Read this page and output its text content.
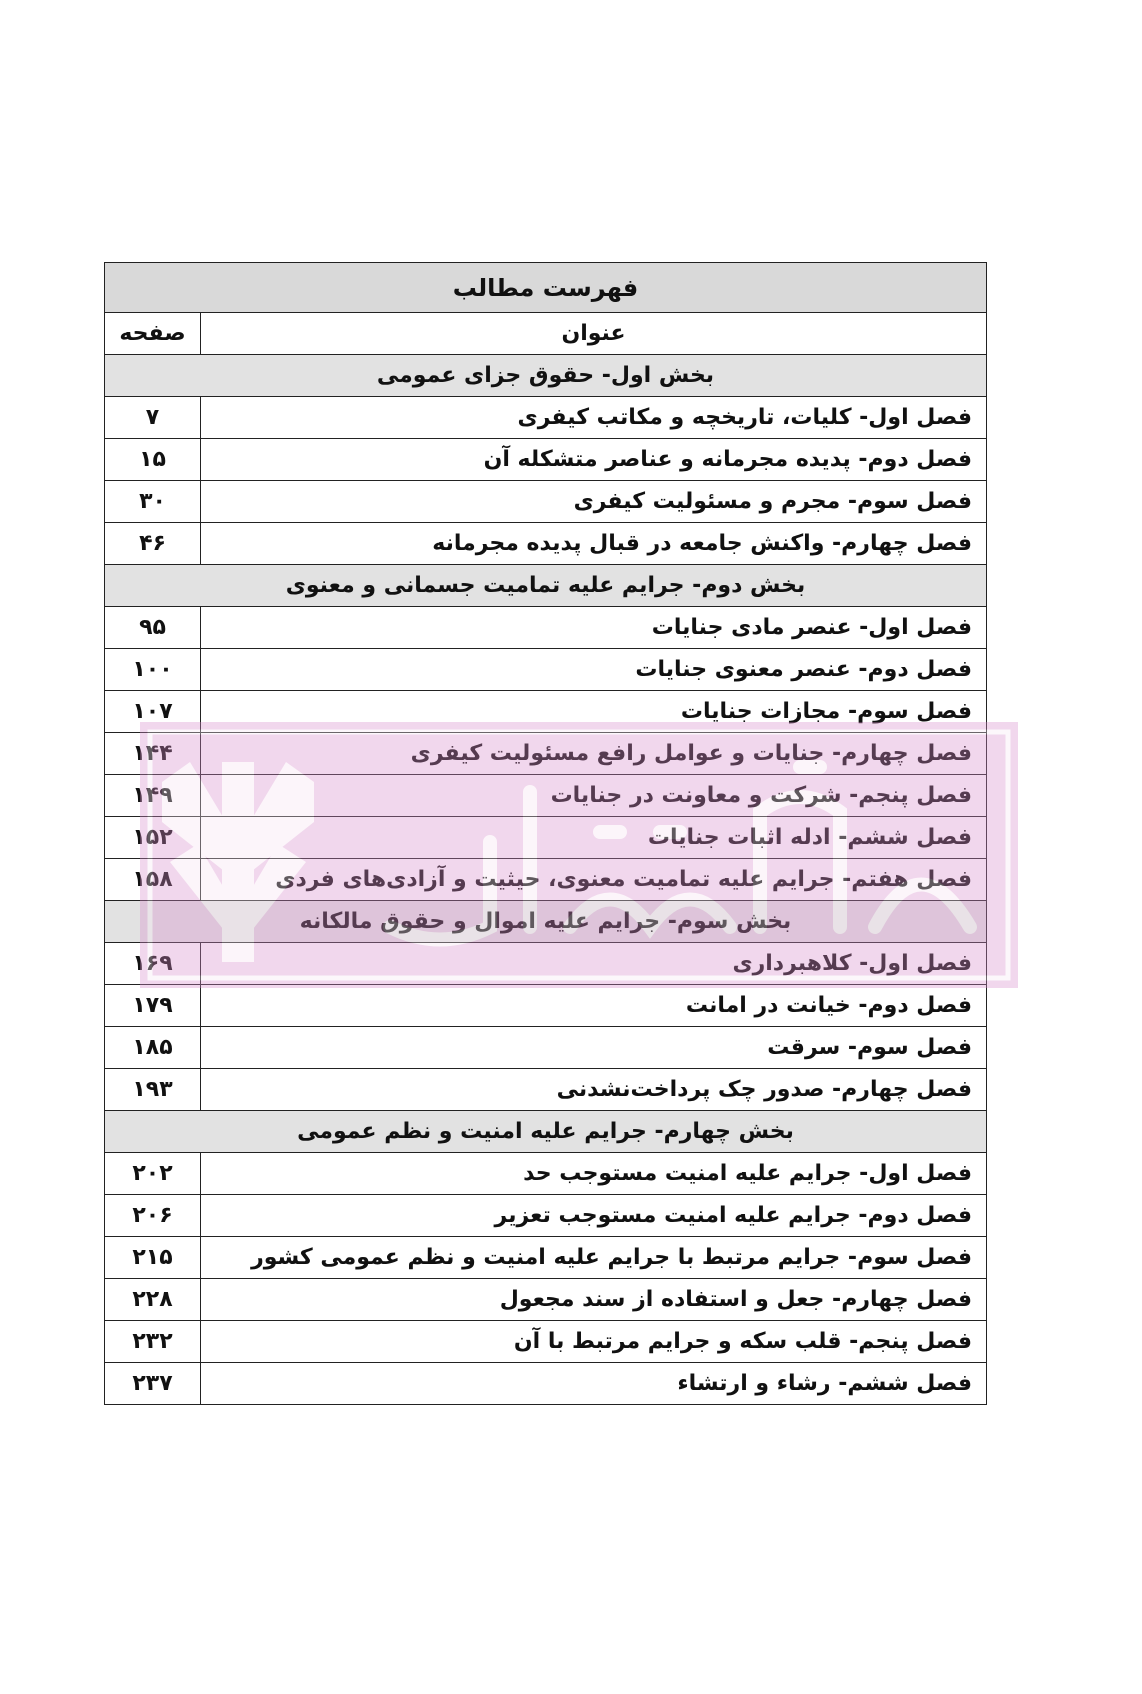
فهرست مطالب	
عنوان	صفحه
بخش اول- حقوق جزای عمومی	
فصل اول- کلیات، تاریخچه و مکاتب کیفری	۷
فصل دوم- پدیده مجرمانه و عناصر متشکله آن	۱۵
فصل سوم- مجرم و مسئولیت کیفری	۳۰
فصل چهارم- واکنش جامعه در قبال پدیده مجرمانه	۴۶
بخش دوم- جرایم علیه تمامیت جسمانی و معنوی	
فصل اول- عنصر مادی جنایات	۹۵
فصل دوم- عنصر معنوی جنایات	۱۰۰
فصل سوم- مجازات جنایات	۱۰۷
فصل چهارم- جنایات و عوامل رافع مسئولیت کیفری	۱۴۴
فصل پنجم- شرکت و معاونت در جنایات	۱۴۹
فصل ششم- ادله اثبات جنایات	۱۵۲
فصل هفتم- جرایم علیه تمامیت معنوی، حیثیت و آزادی‌های فردی	۱۵۸
بخش سوم- جرایم علیه اموال و حقوق مالکانه	
فصل اول- کلاهبرداری	۱۶۹
فصل دوم- خیانت در امانت	۱۷۹
فصل سوم- سرقت	۱۸۵
فصل چهارم- صدور چک پرداخت‌نشدنی	۱۹۳
بخش چهارم- جرایم علیه امنیت و نظم عمومی	
فصل اول- جرایم علیه امنیت مستوجب حد	۲۰۲
فصل دوم- جرایم علیه امنیت مستوجب تعزیر	۲۰۶
فصل سوم- جرایم مرتبط با جرایم علیه امنیت و نظم عمومی کشور	۲۱۵
فصل چهارم- جعل و استفاده از سند مجعول	۲۲۸
فصل پنجم- قلب سکه و جرایم مرتبط با آن	۲۳۲
فصل ششم- رشاء و ارتشاء	۲۳۷
